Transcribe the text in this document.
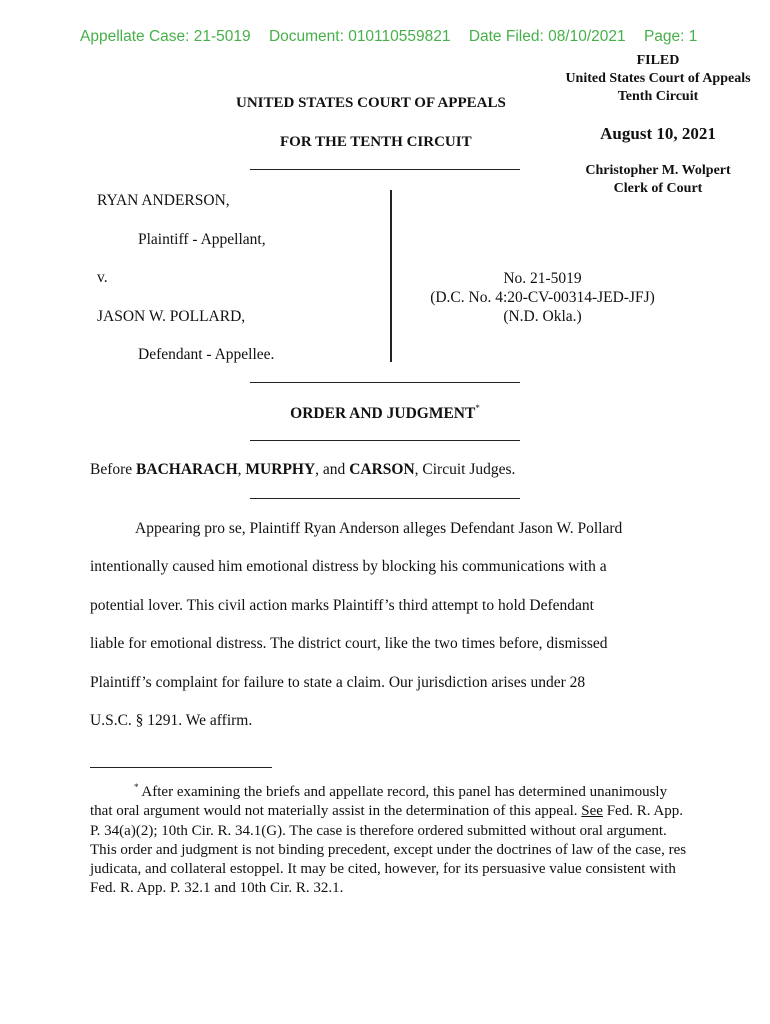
Appellate Case: 21-5019 Document: 010110559821 Date Filed: 08/10/2021 Page: 1
FILED
United States Court of Appeals
Tenth Circuit
August 10, 2021
Christopher M. Wolpert
Clerk of Court
UNITED STATES COURT OF APPEALS
FOR THE TENTH CIRCUIT
RYAN ANDERSON,
Plaintiff - Appellant,
v.
JASON W. POLLARD,
Defendant - Appellee.
No. 21-5019
(D.C. No. 4:20-CV-00314-JED-JFJ)
(N.D. Okla.)
ORDER AND JUDGMENT*
Before BACHARACH, MURPHY, and CARSON, Circuit Judges.
Appearing pro se, Plaintiff Ryan Anderson alleges Defendant Jason W. Pollard
intentionally caused him emotional distress by blocking his communications with a
potential lover. This civil action marks Plaintiff’s third attempt to hold Defendant
liable for emotional distress. The district court, like the two times before, dismissed
Plaintiff’s complaint for failure to state a claim. Our jurisdiction arises under 28
U.S.C. § 1291. We affirm.
* After examining the briefs and appellate record, this panel has determined unanimously that oral argument would not materially assist in the determination of this appeal. See Fed. R. App. P. 34(a)(2); 10th Cir. R. 34.1(G). The case is therefore ordered submitted without oral argument. This order and judgment is not binding precedent, except under the doctrines of law of the case, res judicata, and collateral estoppel. It may be cited, however, for its persuasive value consistent with Fed. R. App. P. 32.1 and 10th Cir. R. 32.1.
